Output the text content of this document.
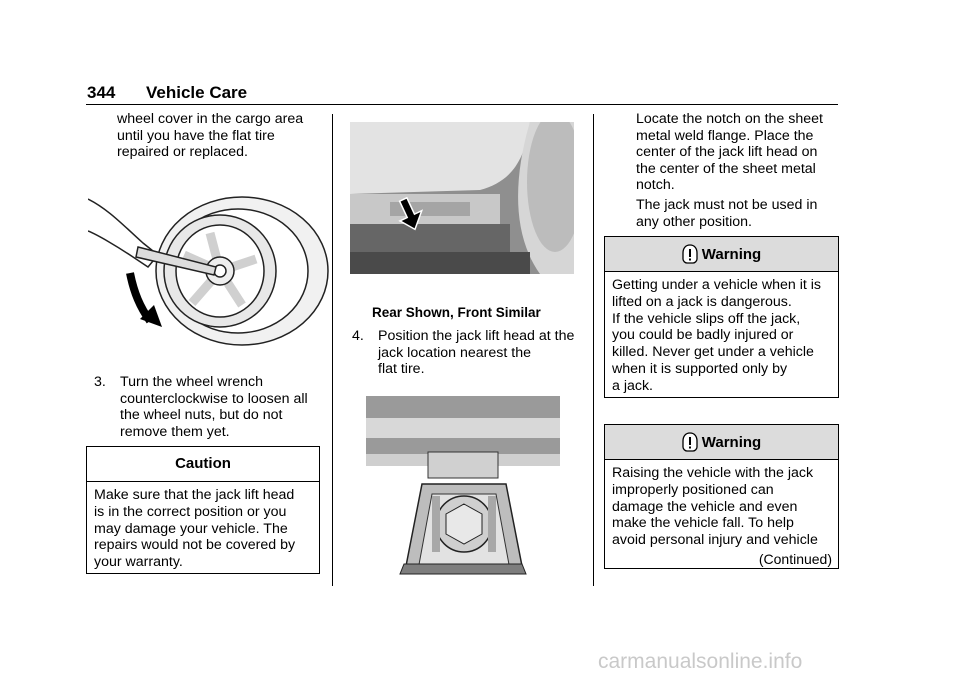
344 Vehicle Care
wheel cover in the cargo area
until you have the flat tire
repaired or replaced.
3. Turn the wheel wrench
counterclockwise to loosen all
the wheel nuts, but do not
remove them yet.
Caution
Make sure that the jack lift head
is in the correct position or you
may damage your vehicle. The
repairs would not be covered by
your warranty.
Rear Shown, Front Similar
4. Position the jack lift head at the
jack location nearest the
flat tire.
Locate the notch on the sheet
metal weld flange. Place the
center of the jack lift head on
the center of the sheet metal
notch.
The jack must not be used in
any other position.
Warning
Getting under a vehicle when it is
lifted on a jack is dangerous.
If the vehicle slips off the jack,
you could be badly injured or
killed. Never get under a vehicle
when it is supported only by
a jack.
Warning
Raising the vehicle with the jack
improperly positioned can
damage the vehicle and even
make the vehicle fall. To help
avoid personal injury and vehicle
(Continued)
carmanualsonline.info
